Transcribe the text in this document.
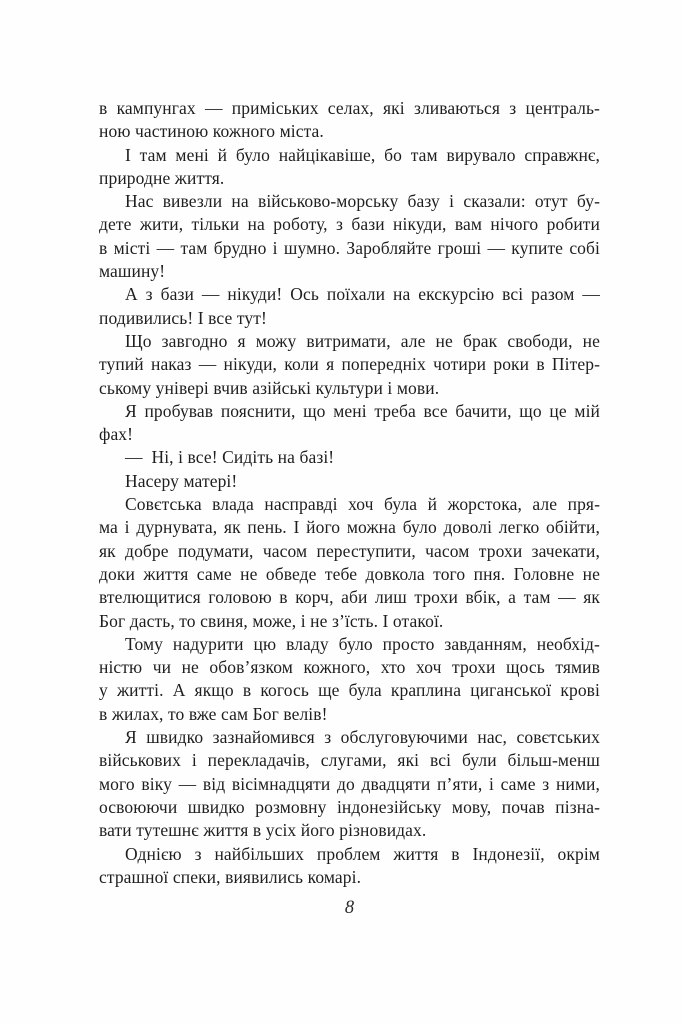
в кампунгах — приміських селах, які зливаються з централь-
ною частиною кожного міста.
І там мені й було найцікавіше, бо там вирувало справжнє,
природне життя.
Нас вивезли на військово-морську базу і сказали: отут бу-
дете жити, тільки на роботу, з бази нікуди, вам нічого робити
в місті — там брудно і шумно. Заробляйте гроші — купите собі
машину!
А з бази — нікуди! Ось поїхали на екскурсію всі разом —
подивились! І все тут!
Що завгодно я можу витримати, але не брак свободи, не
тупий наказ — нікуди, коли я попередніх чотири роки в Пітер-
ському універі вчив азійські культури і мови.
Я пробував пояснити, що мені треба все бачити, що це мій
фах!
— Ні, і все! Сидіть на базі!
Насеру матері!
Совєтська влада насправді хоч була й жорстока, але пря-
ма і дурнувата, як пень. І його можна було доволі легко обійти,
як добре подумати, часом переступити, часом трохи зачекати,
доки життя саме не обведе тебе довкола того пня. Головне не
втелющитися головою в корч, аби лиш трохи вбік, а там — як
Бог дасть, то свиня, може, і не з’їсть. І отакої.
Тому надурити цю владу було просто завданням, необхід-
ністю чи не обов’язком кожного, хто хоч трохи щось тямив
у житті. А якщо в когось ще була краплина циганської крові
в жилах, то вже сам Бог велів!
Я швидко зазнайомився з обслуговуючими нас, совєтських
військових і перекладачів, слугами, які всі були більш-менш
мого віку — від вісімнадцяти до двадцяти п’яти, і саме з ними,
освоюючи швидко розмовну індонезійську мову, почав пізна-
вати тутешнє життя в усіх його різновидах.
Однією з найбільших проблем життя в Індонезії, окрім
страшної спеки, виявились комарі.
8
